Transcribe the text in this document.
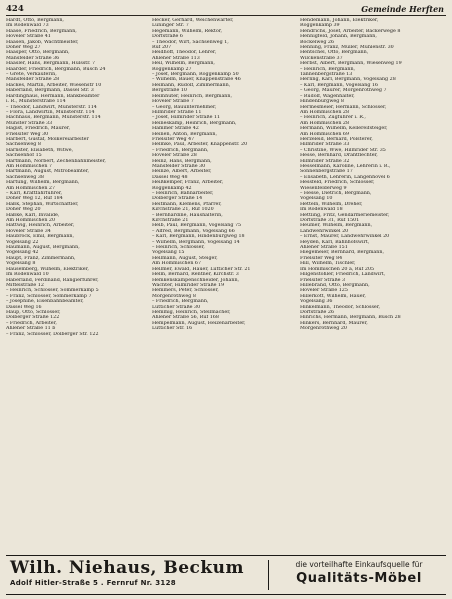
424	Gemeinde Herften
Hardt, Otto, Bergmann,
Im Rodenwald 73
Haase, Friedrich, Bergmann,
Höveler Straße 41
Haasen, Jakob, Wachtmeister,
Doher Weg 27
Haasper, Otto, Bergmann,
Mansfelder Straße 36
Haasler, Hans, Bergmann, Hülsstr. 7
Haarder, Friedrich, Bergmann, Busch 24
– Grete, Verkäuferin,
Mansfelder Straße 28
Hackes, Martin, Arbeiter, Wiesenstr 10
Haberland, Bergmann, Dassel Str. 3
Hardinghaus, Hermann, Bankbeamter
i. R., Münsterstraße 114
– Theodor, Landwirt, Münsterstr. 114
– Flora, Landwirtin, Münsterstr. 114
Hachhaus, Bergmann, Münsterstr. 114
Münster Straße 33
Hagist, Friedrich, Maurer,
Frielsiter Weg 30
Harbert, Gustaf, Molkereiarbeiter
Sachsenweg 8
Harnster, Elisabeth, Witwe,
Sachsenhof 15
Hartmann, Norbert, Zechenbahnmeister,
Am Hömmischen 7
Hartmann, August, Mitrobeamter,
Sachsenweg 38
Hartung, Wilhelm, Bergmann,
Am Hömmischen 27
– Karl, Kraftfahrführer,
Doher Weg 12, Ruf 184
Haßk, Stephan, Wirtschaftler,
Doher Weg 20
Haßke, Karl, Invalide,
Am Hömmischen 20
Hattwig, Heinrich, Arbeiter,
Höveler Straße 34
Haubrock, Emil, Bergmann,
Vogelsang 22
Haumann, August, Bergmann,
Vogelsang 42
Haupt, Franz, Zimmermann,
Vogelsang 8
Hausemberg, Wilhelm, Elektriker,
Im Rodenwald 10
Haberland, Ferdinand, Rangierführer,
Mittelstraße 12
– Heinrich, Schlosser, Sommerkamp 5
– Franz, Schlosser, Sommerkamp 7
– Josephine, Eisenbahnbeamter,
Dassel Weg 16
Haup, Otto, Schlosser,
Dolberger Straße 122
– Friedrich, Arbeiter,
Ahlener Straße 11 b
– Franz, Schlosser, Dolberger Str. 122
Hecker, Gerhard, Weichenwärter,
Lüninger Str. 7
Hegemann, Wilhelm, Rektor,
Dorfstraße 6
– Theodor, Wirt, Sachsenweg 1,
Ruf 207
Heidhoff, Theodor, Lehrer,
Ahlener Straße 113
Heil, Wilhelm, Bergmann,
Roggenkamp 27
– Josef, Bergmann, Roggenkamp 50
– Wilhelm, Bauer, Knappenstraße 46
Heimann, Rudolf, Zimmermann,
Bergstraße 10
Heimhüter, Heinrich, Bergmann,
Höveler Straße 7
– Georg, Bauunternehmer,
Hilmrider Straße 11
– Josef, Hilmrider Straße 11
Heineskamp, Heinrich, Bergmann,
Hammer Straße 42
Heinen, Anton, Bergmann,
Frielsiter Weg 47
Helmke, Paul, Arbeiter, Knappenstr. 20
– Friedrich, Bergmann,
Höveler Straße 28
Heinz, Hans, Bergmann,
Mansfelder Straße 30
Heinze, Albert, Arbeiter,
Dassel Weg 48
Heißkemper, Franz, Arbeiter,
Roggenkamp 42
– Heinrich, Bahnarbeiter,
Dolberger Straße 14
Heitmann, Klemens, Pfarrer,
Kirchstraße 21, Ruf 1020
– Bernhardine, Haushälterin,
Kirchstraße 21
Helb, Paul, Bergmann, Vogelsang 75
– Alfred, Bergmann, Vogelsang 66
– Karl, Bergmann, Hindenburgweg 18
– Wilhelm, Bergmann, Vogelsang 14
– Heinrich, Schlosser,
Vogelsang 15
Hellmann, August, Steiger,
Am Hömmischen 67
Hellmer, Ewald, Hauer, Lütticher Str. 21
Helm, Bernard, Rentner, Kirchstr. 3
Hemkenskampenschneider, Johann,
Wächter, Hilmrider Straße 19
Hemmers, Peter, Schlosser,
Morgenrothweg 8
– Friedrich, Bergmann,
Lütticher Straße 30
Hemmig, Heinrich, Stellmacher,
Ahlener Straße 56, Ruf 168
Hempelmann, August, Heizenarbeiter,
Lütticher Str. 16
Hendemann, Johann, Elektriker,
Roggenkamp 39
Hendrichs, Josef, Arbeiter, Bäckerwege 8
Hennigfeld, Johann, Bergmann,
Bockelweg 26
Henning, Franz, Müller, Mühlenstr. 30
Hentschel, Otto, Bergmann,
Wilckenstraße 37
Herbst, Albert, Bergmann, Wiesenweg 19
– Heinrich, Bergmann,
Tannenbergstraße 13
Herling, Karl, Bergmann, Vogelsang 28
– Karl, Bergmann, Vogelsang 16
– Georg, Maurer, Morgenrothweg 7
– Rudolf, Wagenhalter,
Hindenburgweg 8
Hermesmeier, Hermann, Schlosser,
Am Hömmischen 28
– Heinrich, Zugführer i. R.,
Am Hömmischen 28
Hermann, Wilhelm, Kellereifsteiger,
Am Hömmischen 69
Herzeleid, Bernard, Polsterer,
Hilmrider Straße 33
– Christine, Wwe, Hilmrider Str. 35
Hesse, Bernhard, Drahtflechter,
Hilmrider Straße 32
Hesselmann, Karoline, Lehrerin i. R.,
Sonnenbergstraße 17
– Elisabeth, Lehrerin, Langenhövel 6
Hessfeld, Friedrich, Schlosser,
Wiesenfelderweg 9
– Hesse, Dietrich, Bergmann,
Vogelsang 10
Hetteln, Wilhelm, Dreher,
Im Rodenwald 18
Hettling, Fritz, Gendarmeriemeister,
Dorfstraße 31, Ruf 1501
Heumer, Wilhelm, Bergmann,
Landwehrwinkel 20
– Ernst, Maurer, Landwehrwinkel 20
Heyden, Karl, Bahnhofswirt,
Ahlener Straße 151
Hiegemeier, Bernhard, Bergmann,
Frielsiter Weg 84
Hill, Wilhelm, Tischler,
Im Hömmischen 20 a, Ruf 205
Hilgenstöhler, Friedrich, Landwirt,
Frielsiter Straße 3
Hillebrand, Otto, Bergmann,
Höveler Straße 125
Hillerkott, Wilhelm, Hauer,
Vogelsang 36
Hinkelmann, Theodor, Schlosser,
Dorfstraße 26
Hinrichs, Hermann, Bergmann, Busch 28
Hinkers, Bernhard, Maurer,
Morgenrothweg 20
Wilh. Niehaus, Beckum
Adolf Hitler-Straße 5 . Fernruf Nr. 3128
die vorteilhafte Einkaufsquelle für
Qualitäts-Möbel
